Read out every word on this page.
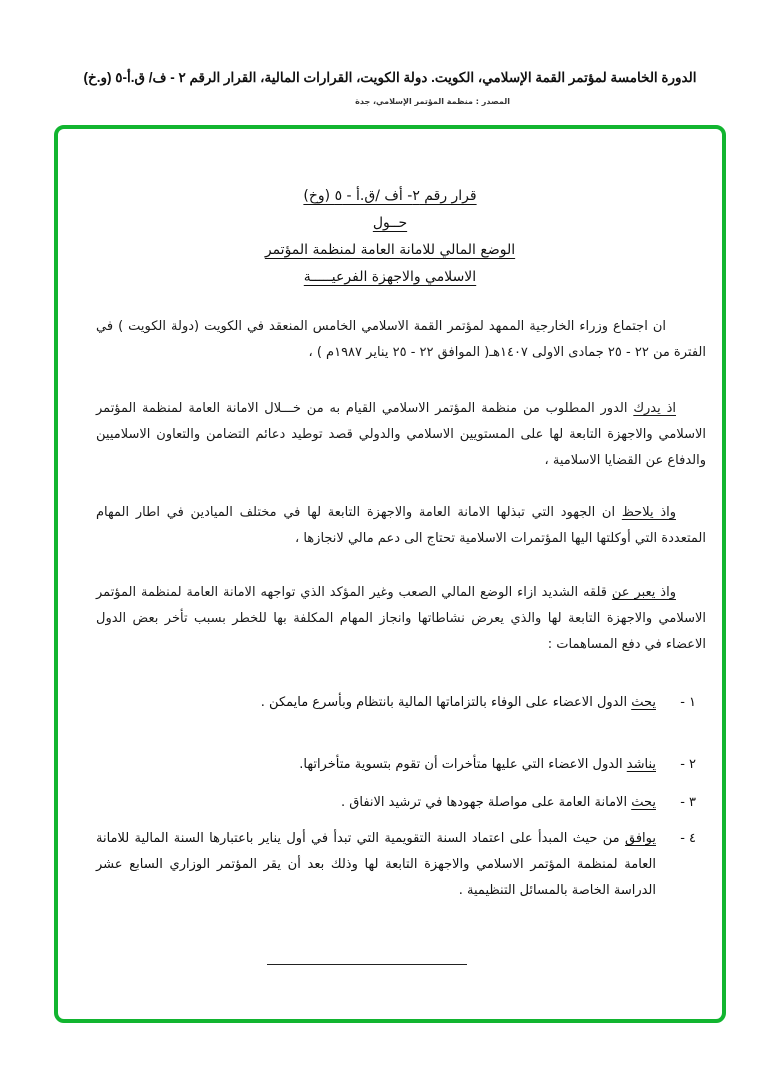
الدورة الخامسة لمؤتمر القمة الإسلامي، الكويت. دولة الكويت، القرارات المالية، القرار الرقم ٢ - ف/ ق.أ-٥ (و.خ)
المصدر : منظمة المؤتمر الإسلامي، جدة
قرار رقم ٢- أف /ق.أ - ٥ (وخ)
حــول
الوضع المالي للامانة العامة لمنظمة المؤتمر
الاسلامي والاجهزة الفرعيـــــة
ان اجتماع وزراء الخارجية الممهد لمؤتمر القمة الاسلامي الخامس المنعقد في الكويت (دولة الكويت ) في الفترة من ٢٢ - ٢٥ جمادى الاولى ١٤٠٧هـ( الموافق ٢٢ - ٢٥ يناير ١٩٨٧م ) ،
اذ يدرك الدور المطلوب من منظمة المؤتمر الاسلامي القيام به من خـــلال الامانة العامة لمنظمة المؤتمر الاسلامي والاجهزة التابعة لها على المستويين الاسلامي والدولي قصد توطيد دعائم التضامن والتعاون الاسلاميين والدفاع عن القضايا الاسلامية ،
واذ يلاحظ ان الجهود التي تبذلها الامانة العامة والاجهزة التابعة لها في مختلف الميادين في اطار المهام المتعددة التي أوكلتها اليها المؤتمرات الاسلامية تحتاج الى دعم مالي لانجازها ،
واذ يعبر عن قلقه الشديد ازاء الوضع المالي الصعب وغير المؤكد الذي تواجهه الامانة العامة لمنظمة المؤتمر الاسلامي والاجهزة التابعة لها والذي يعرض نشاطاتها وانجاز المهام المكلفة بها للخطر بسبب تأخر بعض الدول الاعضاء في دفع المساهمات :
١ -
يحث الدول الاعضاء على الوفاء بالتزاماتها المالية بانتظام وبأسرع مايمكن .
٢ -
يناشد الدول الاعضاء التي عليها متأخرات أن تقوم بتسوية متأخراتها.
٣ -
يحث الامانة العامة على مواصلة جهودها في ترشيد الانفاق .
٤ -
يوافق من حيث المبدأ على اعتماد السنة التقويمية التي تبدأ في أول يناير باعتبارها السنة المالية للامانة العامة لمنظمة المؤتمر الاسلامي والاجهزة التابعة لها وذلك بعد أن يقر المؤتمر الوزاري السابع عشر الدراسة الخاصة بالمسائل التنظيمية .
